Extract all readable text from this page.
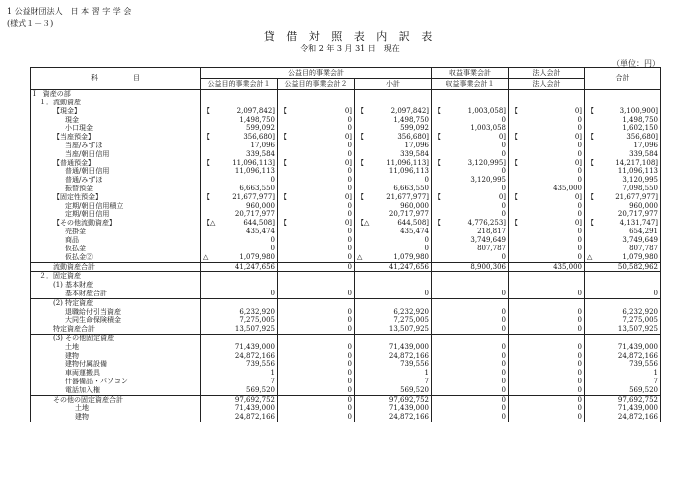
1 公益財団法人　日 本 習 字 学 会
(様式１－３)
貸 借 対 照 表 内 訳 表
令和 2 年 3 月 31 日　現在
（単位：円）
科　　　　　目	公益目的事業会計			収益事業会計	法人会計	合計
	公益目的事業会計１	公益目的事業会計２	小計	収益事業会計１	法人会計	
Ⅰ　資産の部						
１．流動資産						
【現金】	【 2,097,842]	【 0]	【 2,097,842]	【 1,003,058]	【 0]	【 3,100,900]
現金	1,498,750	0	1,498,750	0	0	1,498,750
小口現金	599,092	0	599,092	1,003,058	0	1,602,150
【当座預金】	【 356,680]	【 0]	【 356,680]	【 0]	【 0]	【 356,680]
当座/みずほ	17,096	0	17,096	0	0	17,096
当座/朝日信用	339,584	0	339,584	0	0	339,584
【普通預金】	【 11,096,113]	【 0]	【 11,096,113]	【 3,120,995]	【 0]	【 14,217,108]
普通/朝日信用	11,096,113	0	11,096,113	0	0	11,096,113
普通/みずほ	0	0	0	3,120,995	0	3,120,995
振替預金	6,663,550	0	6,663,550	0	435,000	7,098,550
【固定性預金】	【 21,677,977]	【 0]	【 21,677,977]	【 0]	【 0]	【 21,677,977]
定期/朝日信用積立	960,000	0	960,000	0	0	960,000
定期/朝日信用	20,717,977	0	20,717,977	0	0	20,717,977
【その他流動資産】	【△ 644,508]	【 0]	【△ 644,508]	【 4,776,253]	【 0]	【 4,131,747]
売掛金	435,474	0	435,474	218,817	0	654,291
商品	0	0	0	3,749,649	0	3,749,649
仮払金	0	0	0	807,787	0	807,787
仮払金②	△ 1,079,980	0	△ 1,079,980	0	0	△ 1,079,980
流動資産合計	41,247,656	0	41,247,656	8,900,306	435,000	50,582,962
２．固定資産						
(1) 基本財産						
基本財産合計	0	0	0	0	0	0
(2) 特定資産						
退職給付引当資産	6,232,920	0	6,232,920	0	0	6,232,920
大同生命保険積金	7,275,005	0	7,275,005	0	0	7,275,005
特定資産合計	13,507,925	0	13,507,925	0	0	13,507,925
(3) その他固定資産						
土地	71,439,000	0	71,439,000	0	0	71,439,000
建物	24,872,166	0	24,872,166	0	0	24,872,166
建物付属設備	739,556	0	739,556	0	0	739,556
車両運搬具	1	0	1	0	0	1
什器備品・パソコン	7	0	7	0	0	7
電話加入権	569,520	0	569,520	0	0	569,520
その他の固定資産合計	97,692,752	0	97,692,752	0	0	97,692,752
土地	71,439,000	0	71,439,000	0	0	71,439,000
建物	24,872,166	0	24,872,166	0	0	24,872,166
